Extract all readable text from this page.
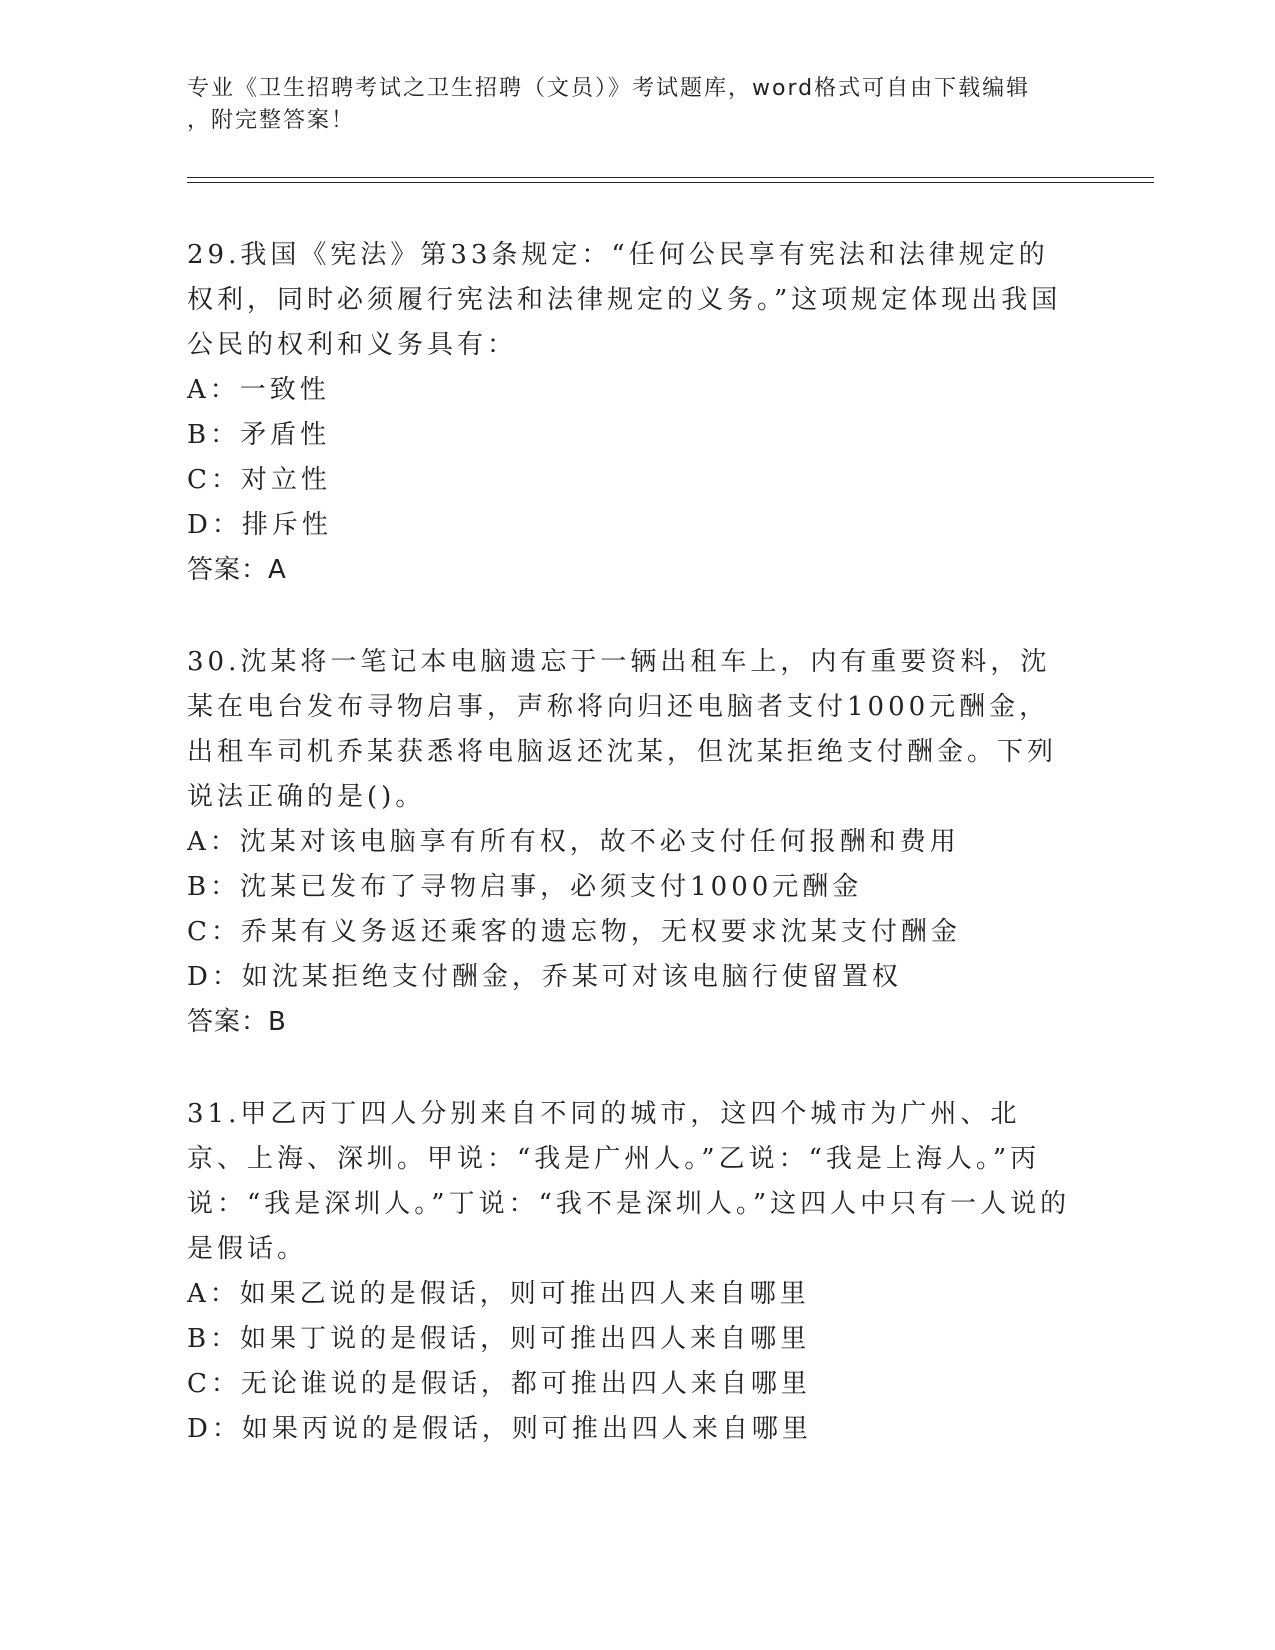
专业《卫生招聘考试之卫生招聘（文员）》考试题库，word格式可自由下载编辑
，附完整答案！

29.我国《宪法》第33条规定：“任何公民享有宪法和法律规定的权利，同时必须履行宪法和法律规定的义务。”这项规定体现出我国公民的权利和义务具有：

A：一致性

B：矛盾性

C：对立性

D：排斥性

答案：A

30.沈某将一笔记本电脑遗忘于一辆出租车上，内有重要资料，沈某在电台发布寻物启事，声称将向归还电脑者支付1000元酬金，出租车司机乔某获悉将电脑返还沈某，但沈某拒绝支付酬金。下列说法正确的是()。

A：沈某对该电脑享有所有权，故不必支付任何报酬和费用

B：沈某已发布了寻物启事，必须支付1000元酬金

C：乔某有义务返还乘客的遗忘物，无权要求沈某支付酬金

D：如沈某拒绝支付酬金，乔某可对该电脑行使留置权

答案：B

31.甲乙丙丁四人分别来自不同的城市，这四个城市为广州、北京、上海、深圳。甲说：“我是广州人。”乙说：“我是上海人。”丙说：“我是深圳人。”丁说：“我不是深圳人。”这四人中只有一人说的是假话。

A：如果乙说的是假话，则可推出四人来自哪里

B：如果丁说的是假话，则可推出四人来自哪里

C：无论谁说的是假话，都可推出四人来自哪里

D：如果丙说的是假话，则可推出四人来自哪里
